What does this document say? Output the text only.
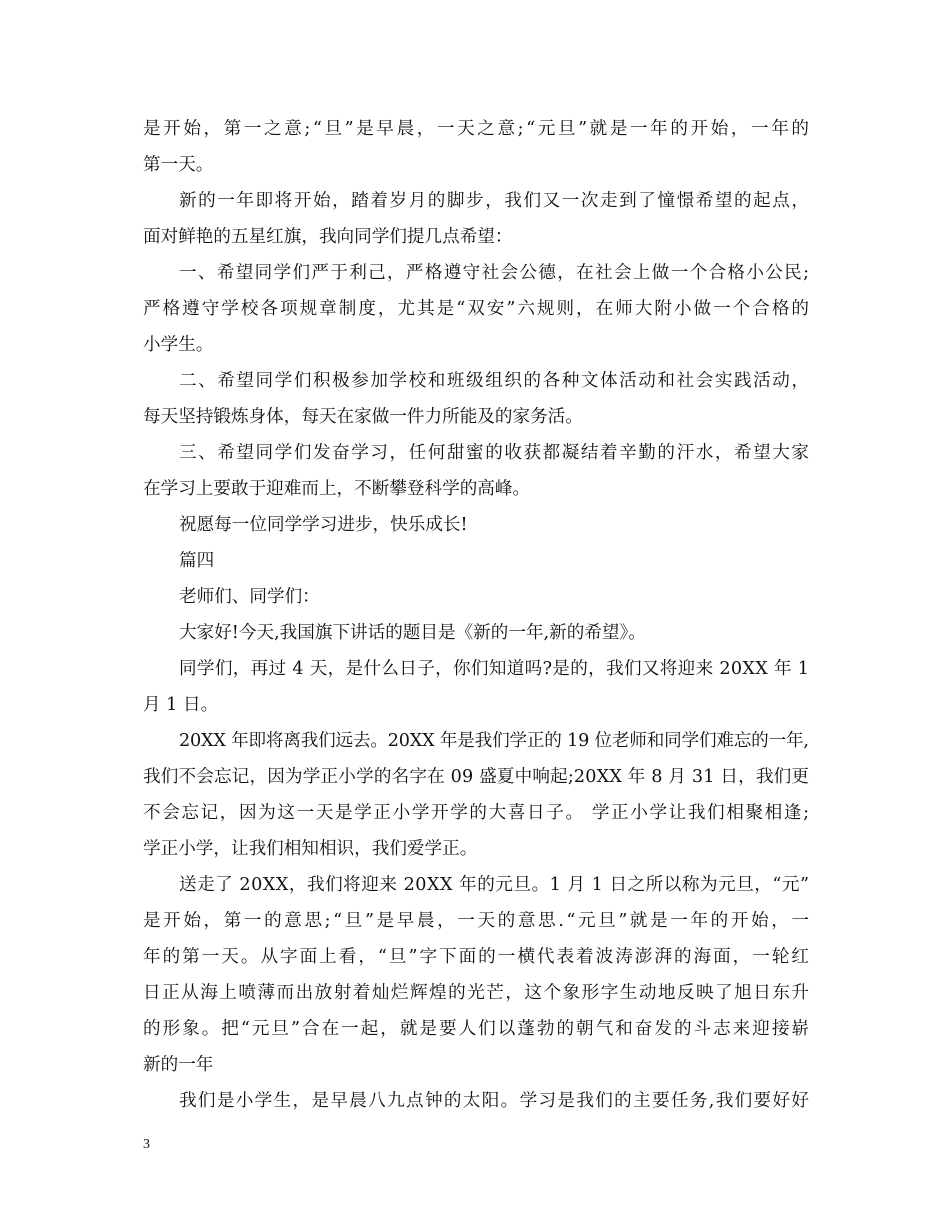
是开始，第一之意;“旦”是早晨，一天之意;“元旦”就是一年的开始，一年的
第一天。
新的一年即将开始，踏着岁月的脚步，我们又一次走到了憧憬希望的起点，
面对鲜艳的五星红旗，我向同学们提几点希望：
一、希望同学们严于利己，严格遵守社会公德，在社会上做一个合格小公民;
严格遵守学校各项规章制度，尤其是“双安”六规则，在师大附小做一个合格的
小学生。
二、希望同学们积极参加学校和班级组织的各种文体活动和社会实践活动，
每天坚持锻炼身体，每天在家做一件力所能及的家务活。
三、希望同学们发奋学习，任何甜蜜的收获都凝结着辛勤的汗水，希望大家
在学习上要敢于迎难而上，不断攀登科学的高峰。
祝愿每一位同学学习进步，快乐成长!
篇四
老师们、同学们：
大家好!今天,我国旗下讲话的题目是《新的一年,新的希望》。
同学们，再过 4 天，是什么日子，你们知道吗?是的，我们又将迎来 20XX 年 1
月 1 日。
20XX 年即将离我们远去。20XX 年是我们学正的 19 位老师和同学们难忘的一年,
我们不会忘记，因为学正小学的名字在 09 盛夏中响起;20XX 年 8 月 31 日，我们更
不会忘记，因为这一天是学正小学开学的大喜日子。 学正小学让我们相聚相逢;
学正小学，让我们相知相识，我们爱学正。
送走了 20XX，我们将迎来 20XX 年的元旦。1 月 1 日之所以称为元旦，“元”
是开始，第一的意思;“旦”是早晨，一天的意思.“元旦”就是一年的开始，一
年的第一天。从字面上看，“旦”字下面的一横代表着波涛澎湃的海面，一轮红
日正从海上喷薄而出放射着灿烂辉煌的光芒，这个象形字生动地反映了旭日东升
的形象。把“元旦”合在一起，就是要人们以蓬勃的朝气和奋发的斗志来迎接崭
新的一年
我们是小学生，是早晨八九点钟的太阳。学习是我们的主要任务,我们要好好
3
